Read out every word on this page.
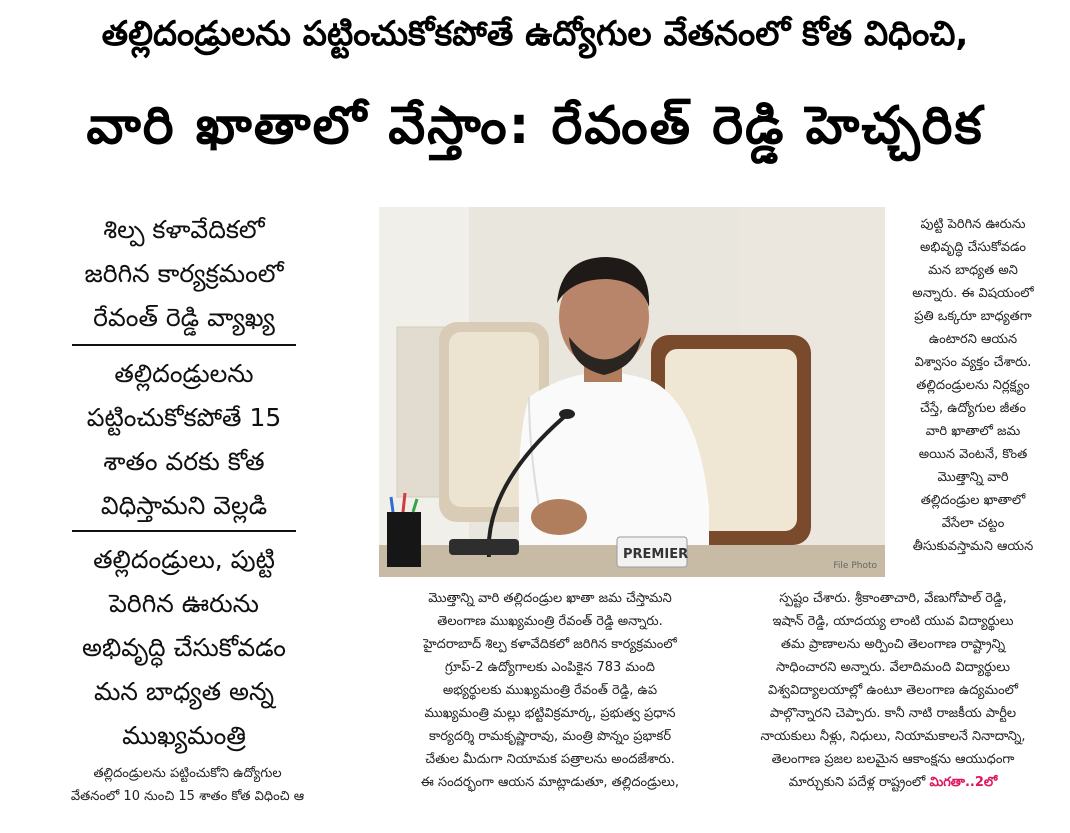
తల్లిదండ్రులను పట్టించుకోకపోతే ఉద్యోగుల వేతనంలో కోత విధించి,
వారి ఖాతాలో వేస్తాం: రేవంత్ రెడ్డి హెచ్చరిక
శిల్ప కళావేదికలో
జరిగిన కార్యక్రమంలో
రేవంత్ రెడ్డి వ్యాఖ్య
తల్లిదండ్రులను
పట్టించుకోకపోతే 15
శాతం వరకు కోత
విధిస్తామని వెల్లడి
తల్లిదండ్రులు, పుట్టి
పెరిగిన ఊరును
అభివృద్ధి చేసుకోవడం
మన బాధ్యత అన్న
ముఖ్యమంత్రి
PREMIER
File Photo
పుట్టి పెరిగిన ఊరును
అభివృద్ధి చేసుకోవడం
మన బాధ్యత అని
అన్నారు. ఈ విషయంలో
ప్రతి ఒక్కరూ బాధ్యతగా
ఉంటారని ఆయన
విశ్వాసం వ్యక్తం చేశారు.
తల్లిదండ్రులను నిర్లక్ష్యం
చేస్తే, ఉద్యోగుల జీతం
వారి ఖాతాలో జమ
అయిన వెంటనే, కొంత
మొత్తాన్ని వారి
తల్లిదండ్రుల ఖాతాలో
వేసేలా చట్టం
తీసుకువస్తామని ఆయన
మొత్తాన్ని వారి తల్లిదండ్రుల ఖాతా జమ చేస్తామని
తెలంగాణ ముఖ్యమంత్రి రేవంత్ రెడ్డి అన్నారు.
హైదరాబాద్ శిల్ప కళావేదికలో జరిగిన కార్యక్రమంలో
గ్రూప్-2 ఉద్యోగాలకు ఎంపికైన 783 మంది
అభ్యర్థులకు ముఖ్యమంత్రి రేవంత్ రెడ్డి, ఉప
ముఖ్యమంత్రి మల్లు భట్టివిక్రమార్క, ప్రభుత్వ ప్రధాన
కార్యదర్శి రామకృష్ణారావు, మంత్రి పొన్నం ప్రభాకర్
చేతుల మీదుగా నియామక పత్రాలను అందజేశారు.
ఈ సందర్భంగా ఆయన మాట్లాడుతూ, తల్లిదండ్రులు,
స్పష్టం చేశారు. శ్రీకాంతాచారి, వేణుగోపాల్ రెడ్డి,
ఇషాన్ రెడ్డి, యాదయ్య లాంటి యువ విద్యార్థులు
తమ ప్రాణాలను అర్పించి తెలంగాణ రాష్ట్రాన్ని
సాధించారని అన్నారు. వేలాదిమంది విద్యార్థులు
విశ్వవిద్యాలయాల్లో ఉంటూ తెలంగాణ ఉద్యమంలో
పాల్గొన్నారని చెప్పారు. కానీ నాటి రాజకీయ పార్టీల
నాయకులు నీళ్లు, నిధులు, నియామకాలనే నినాదాన్ని,
తెలంగాణ ప్రజల బలమైన ఆకాంక్షను ఆయుధంగా
మార్చుకుని పదేళ్ల రాష్ట్రంలో మిగతా..2లో
తల్లిదండ్రులను పట్టించుకోని ఉద్యోగుల
వేతనంలో 10 నుంచి 15 శాతం కోత విధించి ఆ
